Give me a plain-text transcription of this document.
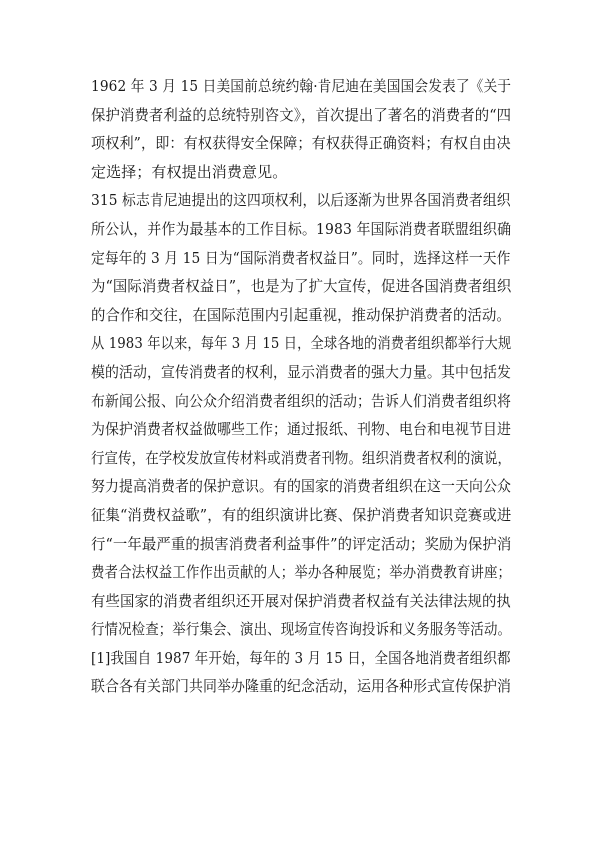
1962 年 3 月 15 日美国前总统约翰·肯尼迪在美国国会发表了《关于
保护消费者利益的总统特别咨文》，首次提出了著名的消费者的“四
项权利”，即：有权获得安全保障；有权获得正确资料；有权自由决
定选择；有权提出消费意见。

315 标志肯尼迪提出的这四项权利，以后逐渐为世界各国消费者组织
所公认，并作为最基本的工作目标。1983 年国际消费者联盟组织确
定每年的 3 月 15 日为“国际消费者权益日”。同时，选择这样一天作
为“国际消费者权益日”，也是为了扩大宣传，促进各国消费者组织
的合作和交往，在国际范围内引起重视，推动保护消费者的活动。

从 1983 年以来，每年 3 月 15 日，全球各地的消费者组织都举行大规
模的活动，宣传消费者的权利，显示消费者的强大力量。其中包括发
布新闻公报、向公众介绍消费者组织的活动；告诉人们消费者组织将
为保护消费者权益做哪些工作；通过报纸、刊物、电台和电视节目进
行宣传，在学校发放宣传材料或消费者刊物。组织消费者权利的演说，
努力提高消费者的保护意识。有的国家的消费者组织在这一天向公众
征集“消费权益歌”，有的组织演讲比赛、保护消费者知识竞赛或进
行“一年最严重的损害消费者利益事件”的评定活动；奖励为保护消
费者合法权益工作作出贡献的人；举办各种展览；举办消费教育讲座；
有些国家的消费者组织还开展对保护消费者权益有关法律法规的执
行情况检查；举行集会、演出、现场宣传咨询投诉和义务服务等活动。

[1]我国自 1987 年开始，每年的 3 月 15 日，全国各地消费者组织都
联合各有关部门共同举办隆重的纪念活动，运用各种形式宣传保护消
